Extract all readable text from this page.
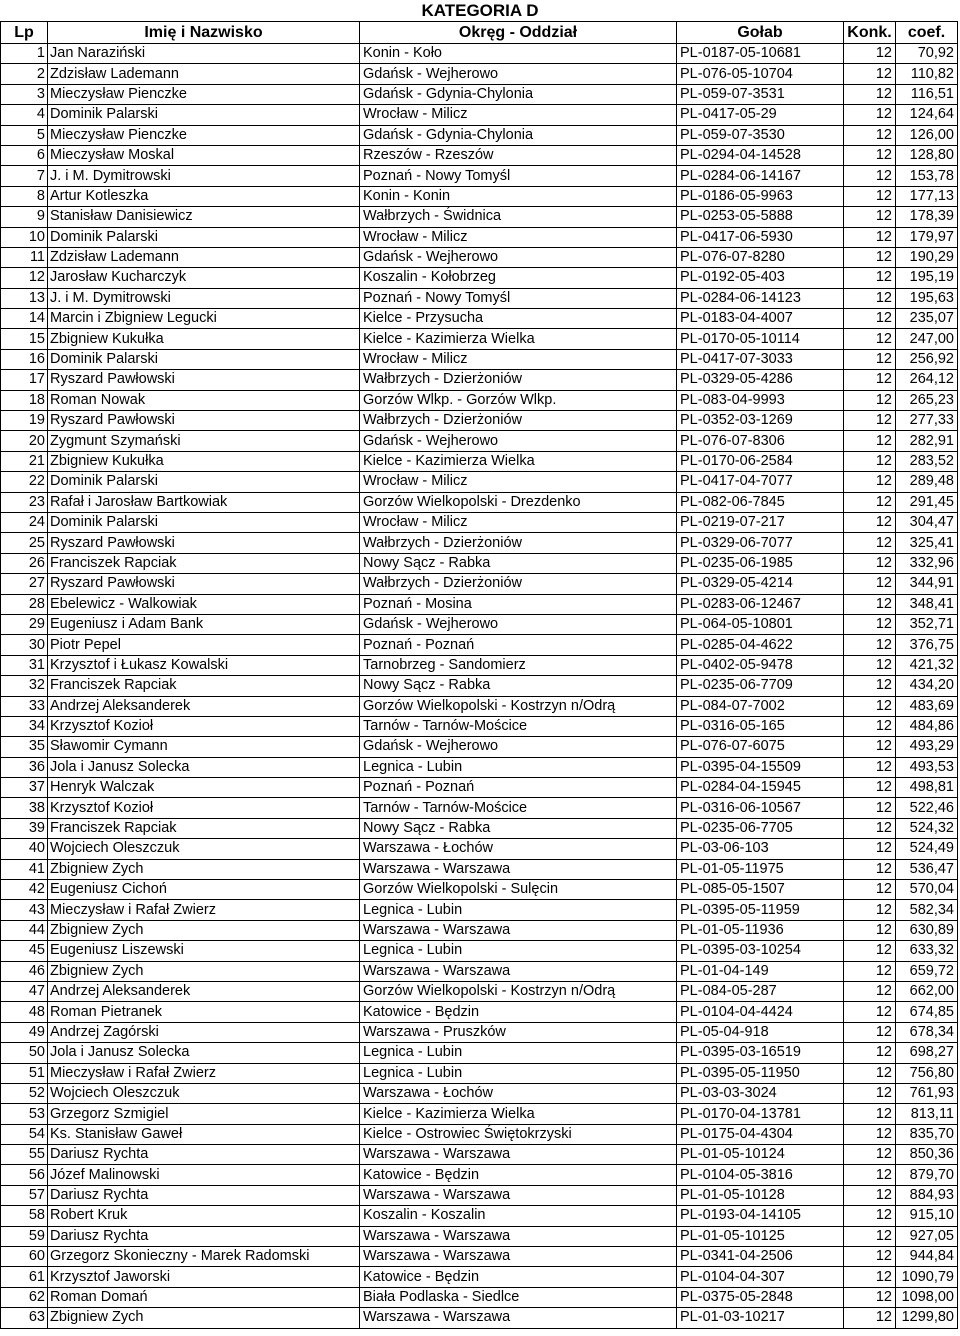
KATEGORIA D
Lp	Imię i Nazwisko	Okręg - Oddział	Gołab	Konk.	coef.
1	Jan Naraziński	Konin - Koło	PL-0187-05-10681	12	70,92
2	Zdzisław Lademann	Gdańsk - Wejherowo	PL-076-05-10704	12	110,82
3	Mieczysław Pienczke	Gdańsk - Gdynia-Chylonia	PL-059-07-3531	12	116,51
4	Dominik Palarski	Wrocław - Milicz	PL-0417-05-29	12	124,64
5	Mieczysław Pienczke	Gdańsk - Gdynia-Chylonia	PL-059-07-3530	12	126,00
6	Mieczysław Moskal	Rzeszów - Rzeszów	PL-0294-04-14528	12	128,80
7	J. i M. Dymitrowski	Poznań - Nowy Tomyśl	PL-0284-06-14167	12	153,78
8	Artur Kotleszka	Konin - Konin	PL-0186-05-9963	12	177,13
9	Stanisław Danisiewicz	Wałbrzych - Świdnica	PL-0253-05-5888	12	178,39
10	Dominik Palarski	Wrocław - Milicz	PL-0417-06-5930	12	179,97
11	Zdzisław Lademann	Gdańsk - Wejherowo	PL-076-07-8280	12	190,29
12	Jarosław Kucharczyk	Koszalin - Kołobrzeg	PL-0192-05-403	12	195,19
13	J. i M. Dymitrowski	Poznań - Nowy Tomyśl	PL-0284-06-14123	12	195,63
14	Marcin i Zbigniew Legucki	Kielce - Przysucha	PL-0183-04-4007	12	235,07
15	Zbigniew Kukułka	Kielce - Kazimierza Wielka	PL-0170-05-10114	12	247,00
16	Dominik Palarski	Wrocław - Milicz	PL-0417-07-3033	12	256,92
17	Ryszard Pawłowski	Wałbrzych - Dzierżoniów	PL-0329-05-4286	12	264,12
18	Roman Nowak	Gorzów Wlkp. - Gorzów Wlkp.	PL-083-04-9993	12	265,23
19	Ryszard Pawłowski	Wałbrzych - Dzierżoniów	PL-0352-03-1269	12	277,33
20	Zygmunt Szymański	Gdańsk - Wejherowo	PL-076-07-8306	12	282,91
21	Zbigniew Kukułka	Kielce - Kazimierza Wielka	PL-0170-06-2584	12	283,52
22	Dominik Palarski	Wrocław - Milicz	PL-0417-04-7077	12	289,48
23	Rafał i Jarosław Bartkowiak	Gorzów Wielkopolski - Drezdenko	PL-082-06-7845	12	291,45
24	Dominik Palarski	Wrocław - Milicz	PL-0219-07-217	12	304,47
25	Ryszard Pawłowski	Wałbrzych - Dzierżoniów	PL-0329-06-7077	12	325,41
26	Franciszek Rapciak	Nowy Sącz - Rabka	PL-0235-06-1985	12	332,96
27	Ryszard Pawłowski	Wałbrzych - Dzierżoniów	PL-0329-05-4214	12	344,91
28	Ebelewicz - Walkowiak	Poznań - Mosina	PL-0283-06-12467	12	348,41
29	Eugeniusz i Adam Bank	Gdańsk - Wejherowo	PL-064-05-10801	12	352,71
30	Piotr Pepel	Poznań - Poznań	PL-0285-04-4622	12	376,75
31	Krzysztof i Łukasz Kowalski	Tarnobrzeg - Sandomierz	PL-0402-05-9478	12	421,32
32	Franciszek Rapciak	Nowy Sącz - Rabka	PL-0235-06-7709	12	434,20
33	Andrzej Aleksanderek	Gorzów Wielkopolski - Kostrzyn n/Odrą	PL-084-07-7002	12	483,69
34	Krzysztof Kozioł	Tarnów - Tarnów-Mościce	PL-0316-05-165	12	484,86
35	Sławomir Cymann	Gdańsk - Wejherowo	PL-076-07-6075	12	493,29
36	Jola i Janusz Solecka	Legnica - Lubin	PL-0395-04-15509	12	493,53
37	Henryk Walczak	Poznań - Poznań	PL-0284-04-15945	12	498,81
38	Krzysztof Kozioł	Tarnów - Tarnów-Mościce	PL-0316-06-10567	12	522,46
39	Franciszek Rapciak	Nowy Sącz - Rabka	PL-0235-06-7705	12	524,32
40	Wojciech Oleszczuk	Warszawa - Łochów	PL-03-06-103	12	524,49
41	Zbigniew Zych	Warszawa - Warszawa	PL-01-05-11975	12	536,47
42	Eugeniusz Cichoń	Gorzów Wielkopolski - Sulęcin	PL-085-05-1507	12	570,04
43	Mieczysław i Rafał Zwierz	Legnica - Lubin	PL-0395-05-11959	12	582,34
44	Zbigniew Zych	Warszawa - Warszawa	PL-01-05-11936	12	630,89
45	Eugeniusz Liszewski	Legnica - Lubin	PL-0395-03-10254	12	633,32
46	Zbigniew Zych	Warszawa - Warszawa	PL-01-04-149	12	659,72
47	Andrzej Aleksanderek	Gorzów Wielkopolski - Kostrzyn n/Odrą	PL-084-05-287	12	662,00
48	Roman Pietranek	Katowice - Będzin	PL-0104-04-4424	12	674,85
49	Andrzej Zagórski	Warszawa - Pruszków	PL-05-04-918	12	678,34
50	Jola i Janusz Solecka	Legnica - Lubin	PL-0395-03-16519	12	698,27
51	Mieczysław i Rafał Zwierz	Legnica - Lubin	PL-0395-05-11950	12	756,80
52	Wojciech Oleszczuk	Warszawa - Łochów	PL-03-03-3024	12	761,93
53	Grzegorz Szmigiel	Kielce - Kazimierza Wielka	PL-0170-04-13781	12	813,11
54	Ks. Stanisław Gaweł	Kielce - Ostrowiec Świętokrzyski	PL-0175-04-4304	12	835,70
55	Dariusz Rychta	Warszawa - Warszawa	PL-01-05-10124	12	850,36
56	Józef Malinowski	Katowice - Będzin	PL-0104-05-3816	12	879,70
57	Dariusz Rychta	Warszawa - Warszawa	PL-01-05-10128	12	884,93
58	Robert Kruk	Koszalin - Koszalin	PL-0193-04-14105	12	915,10
59	Dariusz Rychta	Warszawa - Warszawa	PL-01-05-10125	12	927,05
60	Grzegorz Skonieczny - Marek Radomski	Warszawa - Warszawa	PL-0341-04-2506	12	944,84
61	Krzysztof Jaworski	Katowice - Będzin	PL-0104-04-307	12	1090,79
62	Roman Domań	Biała Podlaska - Siedlce	PL-0375-05-2848	12	1098,00
63	Zbigniew Zych	Warszawa - Warszawa	PL-01-03-10217	12	1299,80
